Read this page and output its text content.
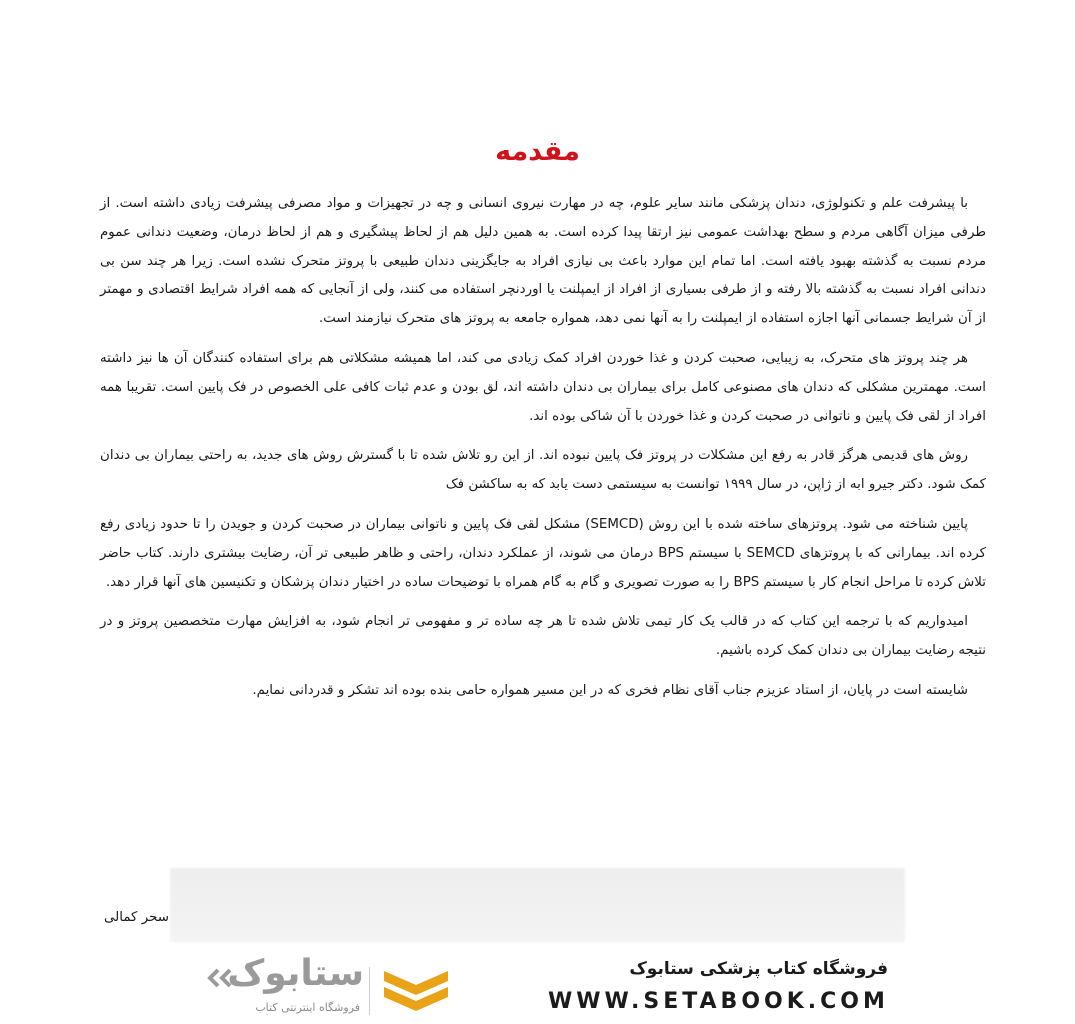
مقدمه

با پیشرفت علم و تکنولوژی، دندان پزشکی مانند سایر علوم، چه در مهارت نیروی انسانی و چه در تجهیزات و مواد مصرفی پیشرفت زیادی داشته است. از طرفی میزان آگاهی مردم و سطح بهداشت عمومی نیز ارتقا پیدا کرده است. به همین دلیل هم از لحاظ پیشگیری و هم از لحاظ درمان، وضعیت دندانی عموم مردم نسبت به گذشته بهبود یافته است. اما تمام این موارد باعث بی نیازی افراد به جایگزینی دندان طبیعی با پروتز متحرک نشده است. زیرا هر چند سن بی دندانی افراد نسبت به گذشته بالا رفته و از طرفی بسیاری از افراد از ایمپلنت یا اوردنچر استفاده می کنند، ولی از آنجایی که همه افراد شرایط اقتصادی و مهمتر از آن شرایط جسمانی آنها اجازه استفاده از ایمپلنت را به آنها نمی دهد، همواره جامعه به پروتز های متحرک نیازمند است.

هر چند پروتز های متحرک، به زیبایی، صحبت کردن و غذا خوردن افراد کمک زیادی می کند، اما همیشه مشکلاتی هم برای استفاده کنندگان آن ها نیز داشته است. مهمترین مشکلی که دندان های مصنوعی کامل برای بیماران بی دندان داشته اند، لق بودن و عدم ثبات کافی علی الخصوص در فک پایین است. تقریبا همه افراد از لقی فک پایین و ناتوانی در صحبت کردن و غذا خوردن با آن شاکی بوده اند.

روش های قدیمی هرگز قادر به رفع این مشکلات در پروتز فک پایین نبوده اند. از این رو تلاش شده تا با گسترش روش های جدید، به راحتی بیماران بی دندان کمک شود. دکتر جیرو ابه از ژاپن، در سال ۱۹۹۹ توانست به سیستمی دست یابد که به ساکشن فک

پایین شناخته می شود. پروتزهای ساخته شده با این روش (SEMCD) مشکل لقی فک پایین و ناتوانی بیماران در صحبت کردن و جویدن را تا حدود زیادی رفع کرده اند. بیمارانی که با پروتزهای SEMCD با سیستم BPS درمان می شوند، از عملکرد دندان، راحتی و ظاهر طبیعی تر آن، رضایت بیشتری دارند. کتاب حاضر تلاش کرده تا مراحل انجام کار با سیستم BPS را به صورت تصویری و گام به گام همراه با توضیحات ساده در اختیار دندان پزشکان و تکنیسین های آنها قرار دهد.

امیدواریم که با ترجمه این کتاب که در قالب یک کار تیمی تلاش شده تا هر چه ساده تر و مفهومی تر انجام شود، به افزایش مهارت متخصصین پروتز و در نتیجه رضایت بیماران بی دندان کمک کرده باشیم.

شایسته است در پایان، از استاد عزیزم جناب آقای نظام فخری که در این مسیر همواره حامی بنده بوده اند تشکر و قدردانی نمایم.

سحر کمالی
ستابوک
فروشگاه اینترنتی کتاب
فروشگاه کتاب پزشکی ستابوک
WWW.SETABOOK.COM
